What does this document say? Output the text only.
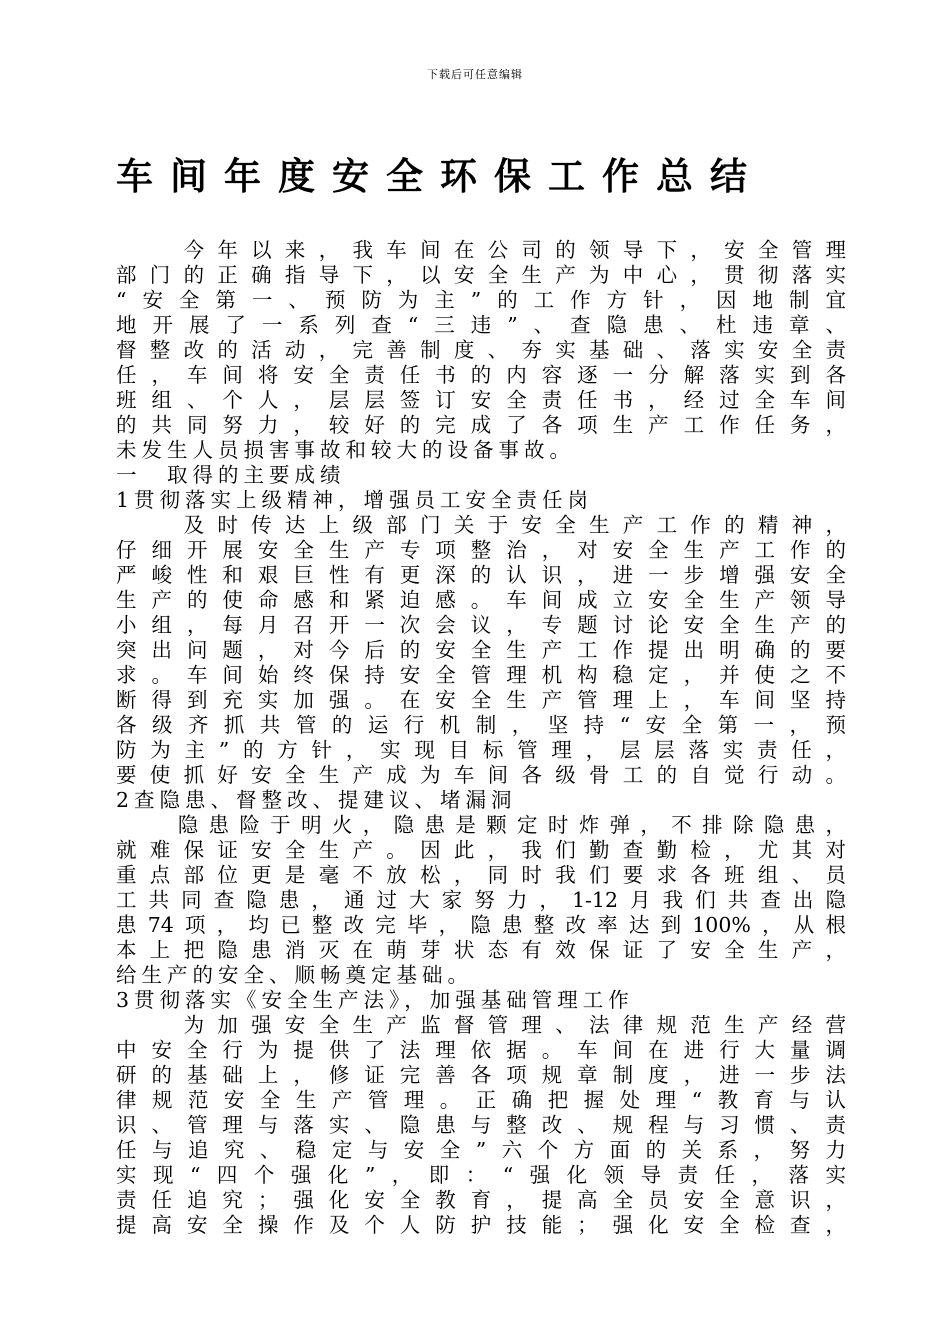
下载后可任意编辑
车间年度安全环保工作总结
　　今年以来，我车间在公司的领导下，安全管理
部门的正确指导下，以安全生产为中心，贯彻落实
“安全第一、预防为主”的工作方针，因地制宜
地开展了一系列查“三违”、查隐患、杜违章、
督整改的活动，完善制度、夯实基础、落实安全责
任，车间将安全责任书的内容逐一分解落实到各
班组、个人，层层签订安全责任书，经过全车间
的共同努力，较好的完成了各项生产工作任务，
未发生人员损害事故和较大的设备事故。
一　取得的主要成绩
1贯彻落实上级精神，增强员工安全责任岗
　　及时传达上级部门关于安全生产工作的精神，
仔细开展安全生产专项整治，对安全生产工作的
严峻性和艰巨性有更深的认识，进一步增强安全
生产的使命感和紧迫感。车间成立安全生产领导
小组，每月召开一次会议，专题讨论安全生产的
突出问题，对今后的安全生产工作提出明确的要
求。车间始终保持安全管理机构稳定，并使之不
断得到充实加强。在安全生产管理上，车间坚持
各级齐抓共管的运行机制，坚持“安全第一，预
防为主”的方针，实现目标管理，层层落实责任，
要使抓好安全生产成为车间各级骨工的自觉行动。
2查隐患、督整改、提建议、堵漏洞
　　隐患险于明火，隐患是颗定时炸弹，不排除隐患，
就难保证安全生产。因此，我们勤查勤检，尤其对
重点部位更是毫不放松，同时我们要求各班组、员
工共同查隐患，通过大家努力，1-12月我们共查出隐
患74项，均已整改完毕，隐患整改率达到100%，从根
本上把隐患消灭在萌芽状态有效保证了安全生产，
给生产的安全、顺畅奠定基础。
3贯彻落实《安全生产法》，加强基础管理工作
　　为加强安全生产监督管理、法律规范生产经营
中安全行为提供了法理依据。车间在进行大量调
研的基础上，修证完善各项规章制度，进一步法
律规范安全生产管理。正确把握处理“教育与认
识、管理与落实、隐患与整改、规程与习惯、责
任与追究、稳定与安全”六个方面的关系，努力
实现“四个强化”，即：“强化领导责任，落实
责任追究；强化安全教育，提高全员安全意识，
提高安全操作及个人防护技能；强化安全检查，
